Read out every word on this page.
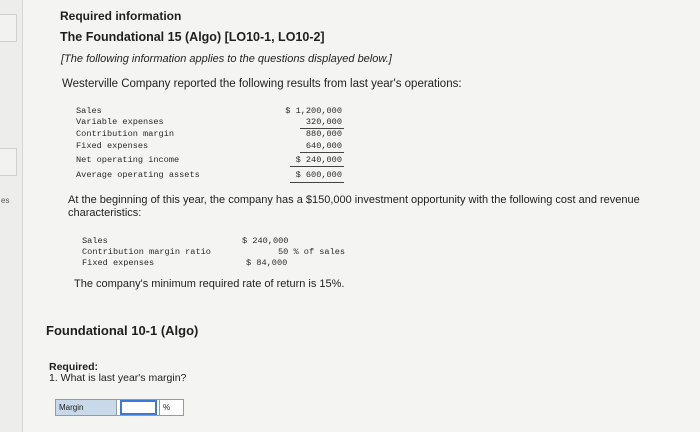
es
Required information
The Foundational 15 (Algo) [LO10-1, LO10-2]
[The following information applies to the questions displayed below.]
Westerville Company reported the following results from last year's operations:
Sales	$ 1,200,000
Variable expenses	320,000
Contribution margin	880,000
Fixed expenses	640,000
Net operating income	$ 240,000
Average operating assets	$ 600,000
At the beginning of this year, the company has a $150,000 investment opportunity with the following cost and revenue characteristics:
Sales	$ 240,000
Contribution margin ratio	50 % of sales
Fixed expenses	$ 84,000
The company's minimum required rate of return is 15%.
Foundational 10-1 (Algo)
Required:
1. What is last year's margin?
Margin	%
